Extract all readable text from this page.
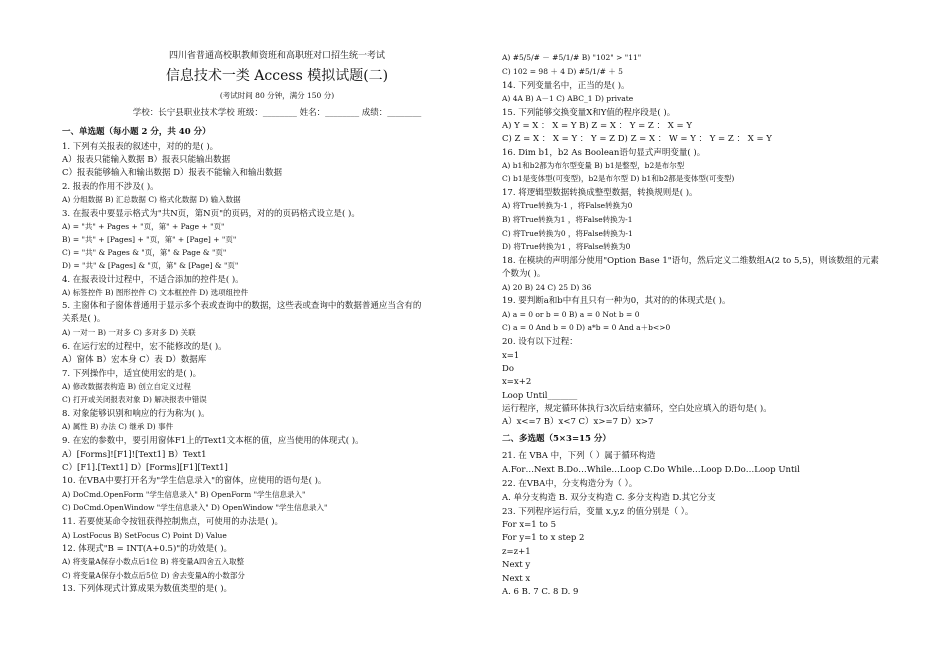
四川省普通高校职教师资班和高职班对口招生统一考试
信息技术一类 Access 模拟试题(二)
(考试时间 80 分钟，满分 150 分)
学校：长宁县职业技术学校 班级：________ 姓名：________ 成绩：________
一、单选题（每小题 2 分，共 40 分）
1. 下列有关报表的叙述中，对的的是( )。
A）报表只能输入数据 B）报表只能输出数据
C）报表能够输入和输出数据 D）报表不能输入和输出数据
2. 报表的作用不涉及( )。
A) 分组数据 B) 汇总数据 C) 格式化数据 D) 输入数据
3. 在报表中要显示格式为"共N页，第N页"的页码，对的的页码格式设立是( )。
A) = "共" + Pages + "页，第" + Page + "页"
B) = "共" + [Pages] + "页，第" + [Page] + "页"
C) = "共" & Pages & "页，第" & Page & "页"
D) = "共" & [Pages] & "页，第" & [Page] & "页"
4. 在报表设计过程中，不适合添加的控件是( )。
A) 标签控件 B) 图形控件 C) 文本框控件 D) 选项组控件
5. 主窗体和子窗体普通用于显示多个表或查询中的数据，这些表或查询中的数据普通应当含有的
关系是( )。
A) 一对一 B) 一对多 C) 多对多 D) 关联
6. 在运行宏的过程中，宏不能修改的是( )。
A）窗体 B）宏本身 C）表 D）数据库
7. 下列操作中，适宜使用宏的是( )。
A) 修改数据表构造 B) 创立自定义过程
C) 打开或关闭报表对象 D) 解决报表中错误
8. 对象能够识别和响应的行为称为( )。
A) 属性 B) 办法 C) 继承 D) 事件
9. 在宏的参数中，要引用窗体F1上的Text1文本框的值，应当使用的体现式( )。
A）[Forms]![F1]![Text1] B）Text1
C）[F1].[Text1] D）[Forms][F1][Text1]
10. 在VBA中要打开名为"学生信息录入"的窗体，应使用的语句是( )。
A) DoCmd.OpenForm "学生信息录入" B) OpenForm "学生信息录入"
C) DoCmd.OpenWindow "学生信息录入" D) OpenWindow "学生信息录入"
11. 若要使某命令按钮获得控制焦点，可使用的办法是( )。
A) LostFocus B) SetFocus C) Point D) Value
12. 体现式"B = INT(A+0.5)"的功效是( )。
A) 将变量A保存小数点后1位 B) 将变量A四舍五入取整
C) 将变量A保存小数点后5位 D) 舍去变量A的小数部分
13. 下列体现式计算成果为数值类型的是( )。
A) #5/5/# － #5/1/# B) "102" > "11"
C) 102 = 98 ＋ 4 D) #5/1/# ＋ 5
14. 下列变量名中，正当的是( )。
A) 4A B) A－1 C) ABC_1 D) private
15. 下列能够交换变量X和Y值的程序段是( )。
A) Y = X ： X = Y B) Z = X ： Y = Z ： X = Y
C) Z = X ： X = Y ： Y = Z D) Z = X ： W = Y ： Y = Z ： X = Y
16. Dim b1，b2 As Boolean语句显式声明变量( )。
A) b1和b2都为布尔型变量 B) b1是整型，b2是布尔型
C) b1是变体型(可变型)，b2是布尔型 D) b1和b2都是变体型(可变型)
17. 将逻辑型数据转换成整型数据，转换规则是( )。
A) 将True转换为-1 ，将False转换为0
B) 将True转换为1 ，将False转换为-1
C) 将True转换为0 ，将False转换为-1
D) 将True转换为1 ，将False转换为0
18. 在模块的声明部分使用"Option Base 1"语句，然后定义二维数组A(2 to 5,5)，则该数组的元素
个数为( )。
A) 20 B) 24 C) 25 D) 36
19. 要判断a和b中有且只有一种为0，其对的的体现式是( )。
A) a = 0 or b = 0 B) a = 0 Not b = 0
C) a = 0 And b = 0 D) a*b = 0 And a＋b<>0
20. 设有以下过程：
x=1
Do
x=x+2
Loop Until_______
运行程序，规定循环体执行3次后结束循环，空白处应填入的语句是( )。
A）x<=7 B）x<7 C）x>=7 D）x>7
二、多选题（5×3=15 分）
21. 在 VBA 中，下列（ ）属于循环构造
A.For…Next B.Do…While…Loop C.Do While…Loop D.Do…Loop Until
22. 在VBA中，分支构造分为（ ）。
A. 单分支构造 B. 双分支构造 C. 多分支构造 D.其它分支
23. 下列程序运行后，变量 x,y,z 的值分别是（ ）。
For x=1 to 5
For y=1 to x step 2
z=z+1
Next y
Next x
A. 6 B. 7 C. 8 D. 9
